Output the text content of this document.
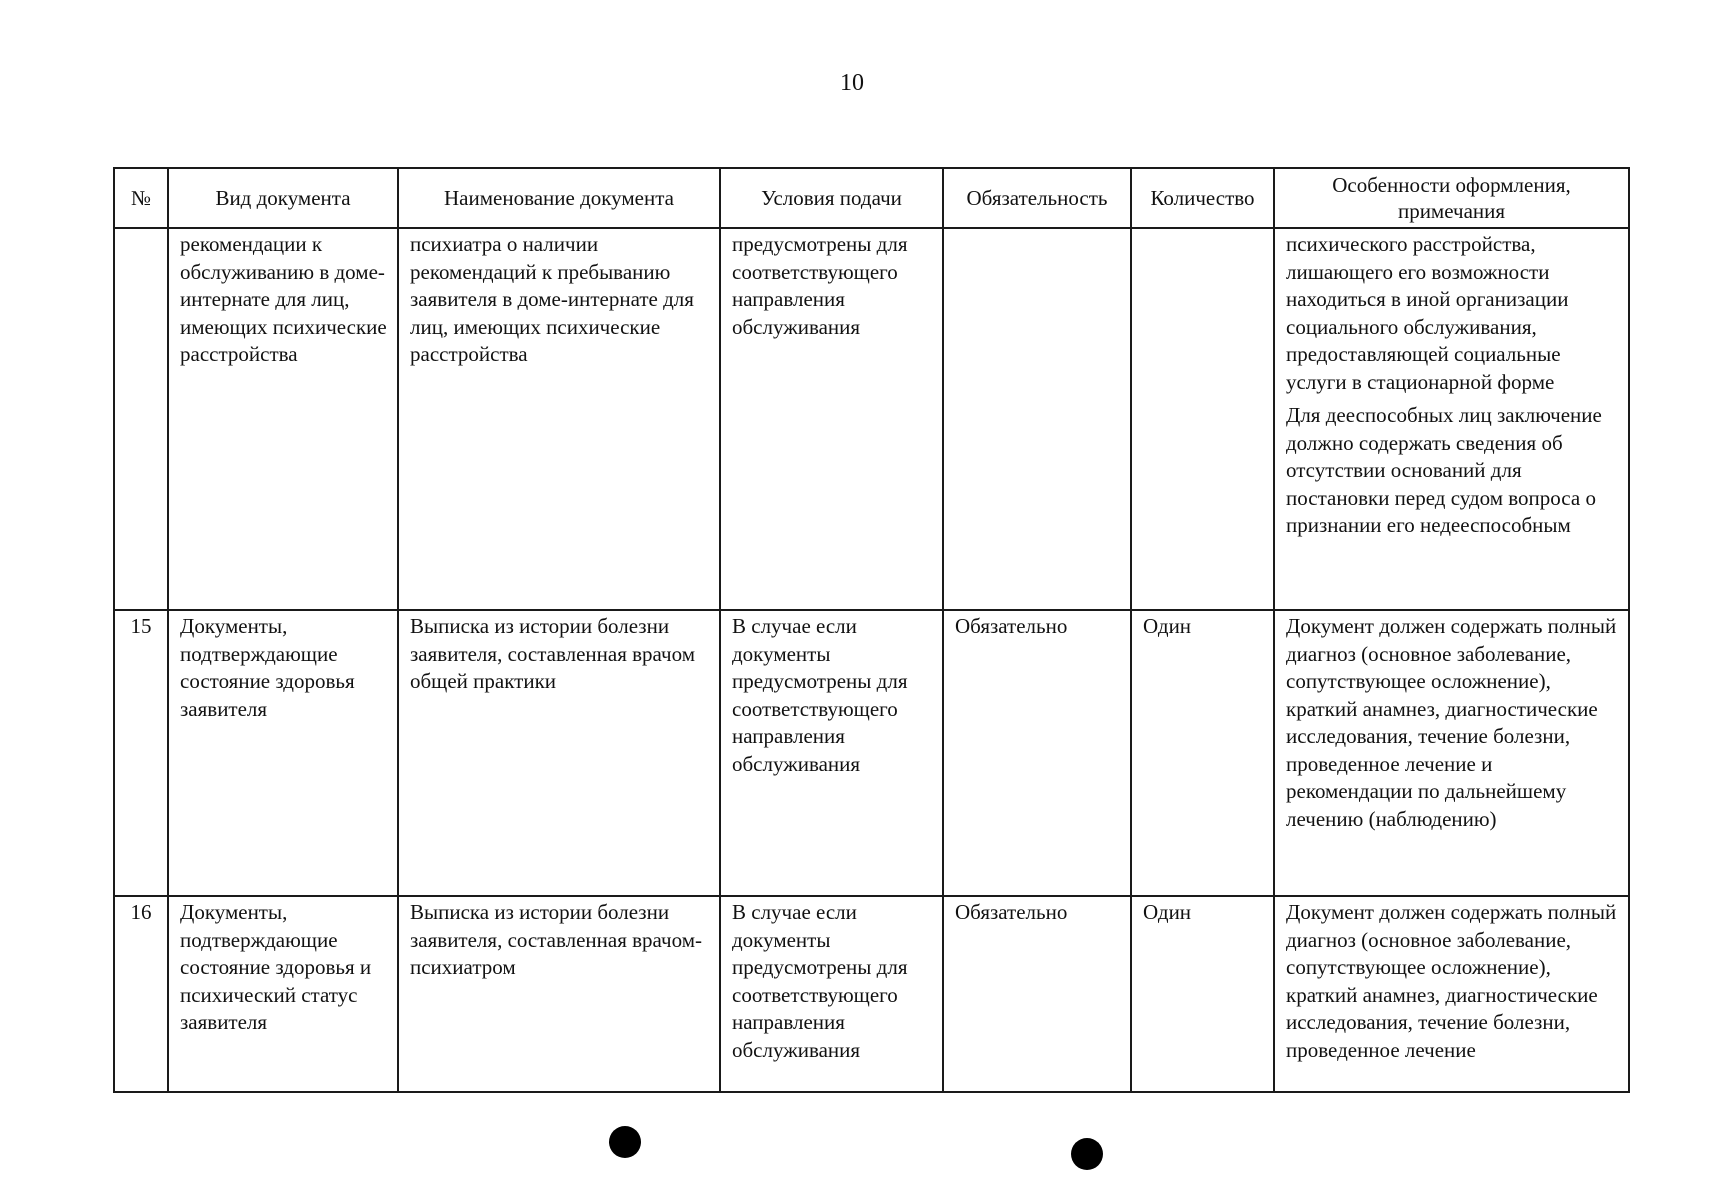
10
№	Вид документа	Наименование документа	Условия подачи	Обязательность	Количество	Особенности оформления, примечания
	рекомендации к обслуживанию в доме-интернате для лиц, имеющих психические расстройства	психиатра о наличии рекомендаций к пребыванию заявителя в доме-интернате для лиц, имеющих психические расстройства	предусмотрены для соответствующего направления обслуживания			психического расстройства, лишающего его возможности находиться в иной организации социального обслуживания, предоставляющей социальные услуги в стационарной форме
Для дееспособных лиц заключение должно содержать сведения об отсутствии оснований для постановки перед судом вопроса о признании его недееспособным

15	Документы, подтверждающие состояние здоровья заявителя	Выписка из истории болезни заявителя, составленная врачом общей практики	В случае если документы предусмотрены для соответствующего направления обслуживания	Обязательно	Один	Документ должен содержать полный диагноз (основное заболевание, сопутствующее осложнение), краткий анамнез, диагностические исследования, течение болезни, проведенное лечение и рекомендации по дальнейшему лечению (наблюдению)

16	Документы, подтверждающие состояние здоровья и психический статус заявителя	Выписка из истории болезни заявителя, составленная врачом-психиатром	В случае если документы предусмотрены для соответствующего направления обслуживания	Обязательно	Один	Документ должен содержать полный диагноз (основное заболевание, сопутствующее осложнение), краткий анамнез, диагностические исследования, течение болезни, проведенное лечение
